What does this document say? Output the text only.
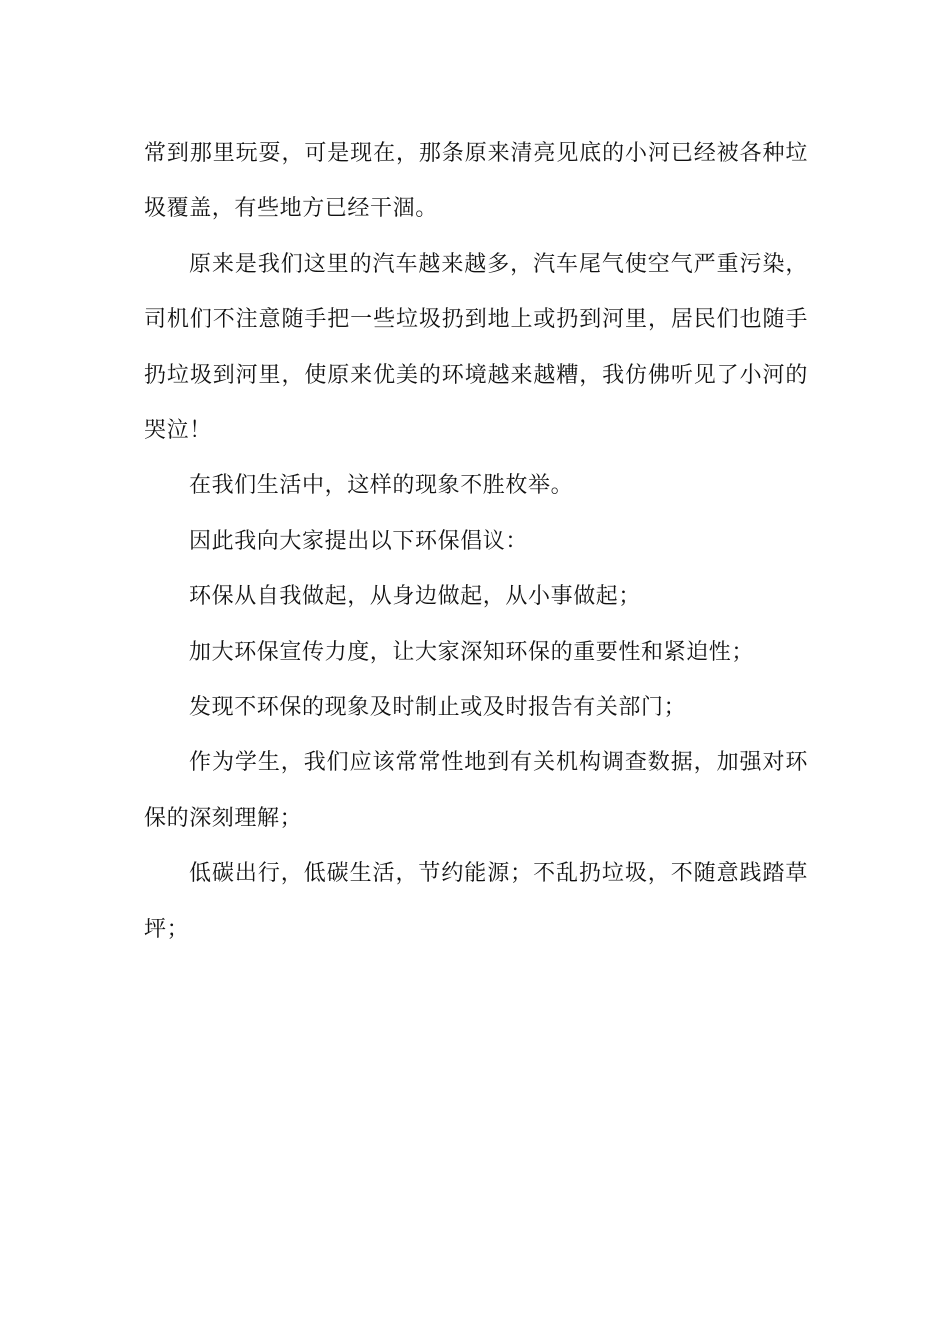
常到那里玩耍，可是现在，那条原来清亮见底的小河已经被各种垃圾覆盖，有些地方已经干涸。

原来是我们这里的汽车越来越多，汽车尾气使空气严重污染，司机们不注意随手把一些垃圾扔到地上或扔到河里，居民们也随手扔垃圾到河里，使原来优美的环境越来越糟，我仿佛听见了小河的哭泣！

在我们生活中，这样的现象不胜枚举。

因此我向大家提出以下环保倡议：

环保从自我做起，从身边做起，从小事做起；

加大环保宣传力度，让大家深知环保的重要性和紧迫性；

发现不环保的现象及时制止或及时报告有关部门；

作为学生，我们应该常常性地到有关机构调查数据，加强对环保的深刻理解；

低碳出行，低碳生活，节约能源；不乱扔垃圾，不随意践踏草坪；
